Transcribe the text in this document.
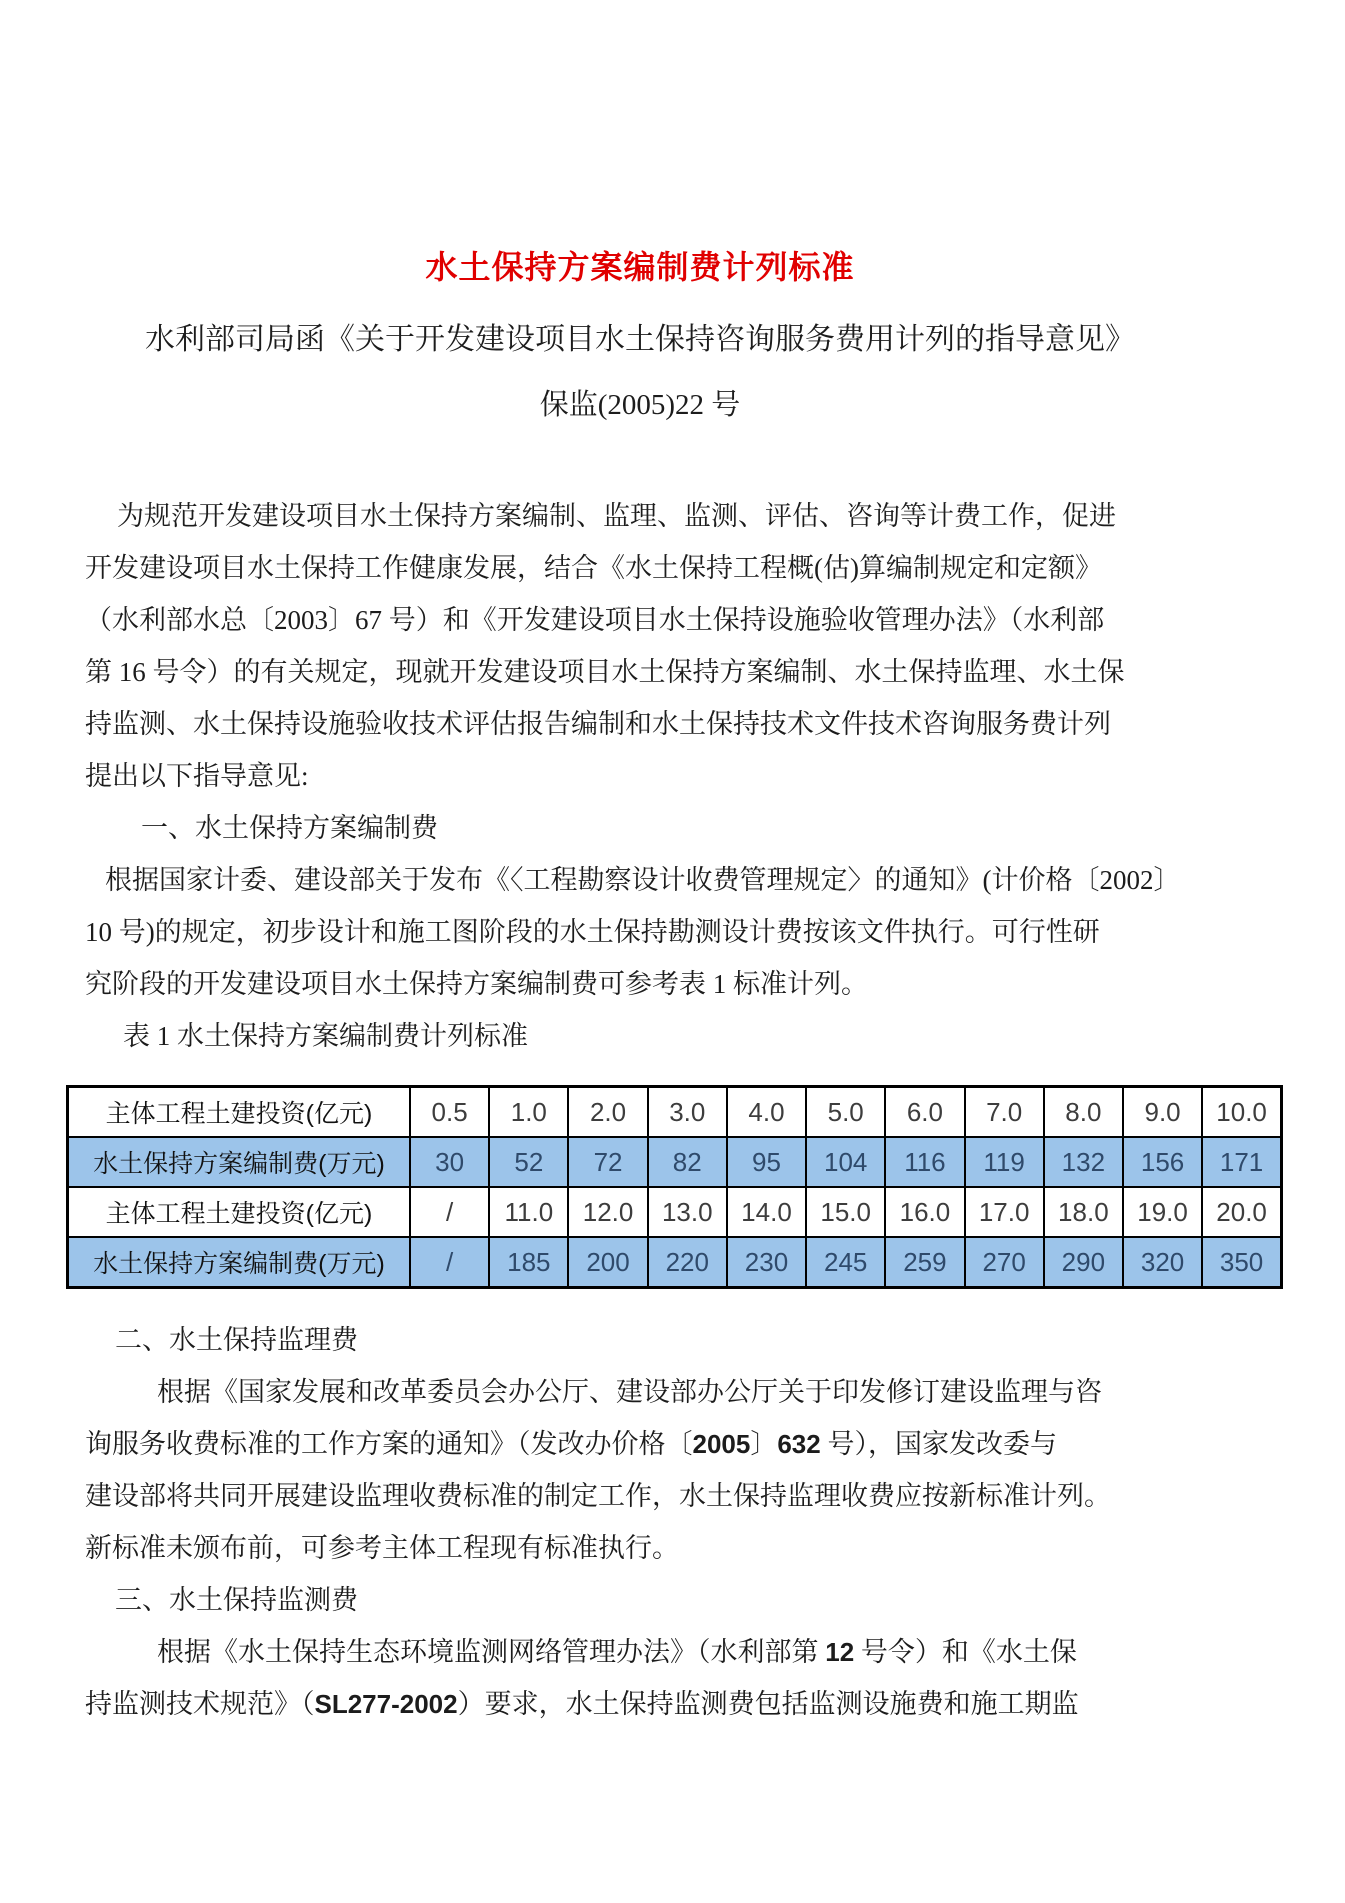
水土保持方案编制费计列标准
水利部司局函《关于开发建设项目水土保持咨询服务费用计列的指导意见》
保监(2005)22 号
为规范开发建设项目水土保持方案编制、监理、监测、评估、咨询等计费工作，促进
开发建设项目水土保持工作健康发展，结合《水土保持工程概(估)算编制规定和定额》
（水利部水总〔2003〕67 号）和《开发建设项目水土保持设施验收管理办法》（水利部
第 16 号令）的有关规定，现就开发建设项目水土保持方案编制、水土保持监理、水土保
持监测、水土保持设施验收技术评估报告编制和水土保持技术文件技术咨询服务费计列
提出以下指导意见:
一、水土保持方案编制费
根据国家计委、建设部关于发布《〈工程勘察设计收费管理规定〉的通知》(计价格〔2002〕
10 号)的规定，初步设计和施工图阶段的水土保持勘测设计费按该文件执行。可行性研
究阶段的开发建设项目水土保持方案编制费可参考表 1 标准计列。
表 1 水土保持方案编制费计列标准
主体工程土建投资(亿元)	0.5	1.0	2.0	3.0	4.0	5.0	6.0	7.0	8.0	9.0	10.0
水土保持方案编制费(万元)	30	52	72	82	95	104	116	119	132	156	171
主体工程土建投资(亿元)	/	11.0	12.0	13.0	14.0	15.0	16.0	17.0	18.0	19.0	20.0
水土保持方案编制费(万元)	/	185	200	220	230	245	259	270	290	320	350
二、水土保持监理费
根据《国家发展和改革委员会办公厅、建设部办公厅关于印发修订建设监理与咨
询服务收费标准的工作方案的通知》（发改办价格〔2005〕632 号），国家发改委与
建设部将共同开展建设监理收费标准的制定工作，水土保持监理收费应按新标准计列。
新标准未颁布前，可参考主体工程现有标准执行。
三、水土保持监测费
根据《水土保持生态环境监测网络管理办法》（水利部第 12 号令）和《水土保
持监测技术规范》（SL277-2002）要求，水土保持监测费包括监测设施费和施工期监
